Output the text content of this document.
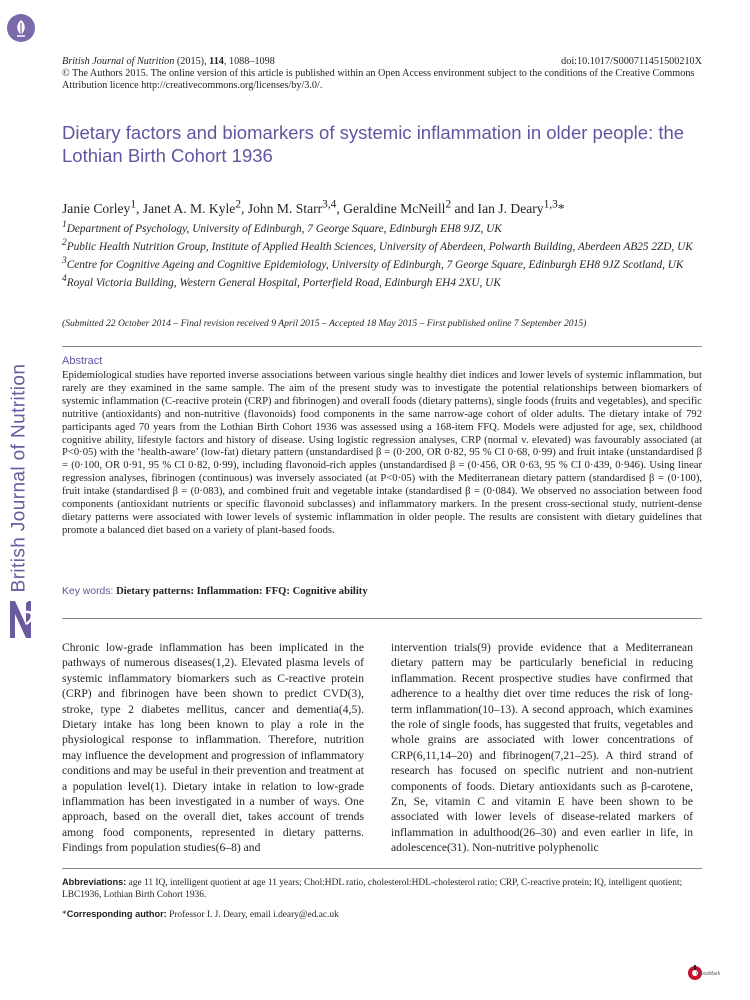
British Journal of Nutrition
British Journal of Nutrition (2015), 114, 1088–1098	doi:10.1017/S000711451500210X
© The Authors 2015. The online version of this article is published within an Open Access environment subject to the conditions of the Creative Commons Attribution licence http://creativecommons.org/licenses/by/3.0/.
Dietary factors and biomarkers of systemic inflammation in older people: the Lothian Birth Cohort 1936
Janie Corley$^1$, Janet A. M. Kyle$^2$, John M. Starr$^{3,4}$, Geraldine McNeill$^2$ and Ian J. Deary$^{1,3}$*
$^1$Department of Psychology, University of Edinburgh, 7 George Square, Edinburgh EH8 9JZ, UK
$^2$Public Health Nutrition Group, Institute of Applied Health Sciences, University of Aberdeen, Polwarth Building, Aberdeen AB25 2ZD, UK
$^3$Centre for Cognitive Ageing and Cognitive Epidemiology, University of Edinburgh, 7 George Square, Edinburgh EH8 9JZ Scotland, UK
$^4$Royal Victoria Building, Western General Hospital, Porterfield Road, Edinburgh EH4 2XU, UK
(Submitted 22 October 2014 – Final revision received 9 April 2015 – Accepted 18 May 2015 – First published online 7 September 2015)
Abstract
Epidemiological studies have reported inverse associations between various single healthy diet indices and lower levels of systemic inflammation, but rarely are they examined in the same sample. The aim of the present study was to investigate the potential relationships between biomarkers of systemic inflammation (C-reactive protein (CRP) and fibrinogen) and overall foods (dietary patterns), single foods (fruits and vegetables), and specific nutritive (antioxidants) and non-nutritive (flavonoids) food components in the same narrow-age cohort of older adults. The dietary intake of 792 participants aged 70 years from the Lothian Birth Cohort 1936 was assessed using a 168-item FFQ. Models were adjusted for age, sex, childhood cognitive ability, lifestyle factors and history of disease. Using logistic regression analyses, CRP (normal v. elevated) was favourably associated (at P<0·05) with the ‘health-aware’ (low-fat) dietary pattern (unstandardised β = (0·200, OR 0·82, 95 % CI 0·68, 0·99) and fruit intake (unstandardised β = (0·100, OR 0·91, 95 % CI 0·82, 0·99), including flavonoid-rich apples (unstandardised β = (0·456, OR 0·63, 95 % CI 0·439, 0·946). Using linear regression analyses, fibrinogen (continuous) was inversely associated (at P<0·05) with the Mediterranean dietary pattern (standardised β = (0·100), fruit intake (standardised β = (0·083), and combined fruit and vegetable intake (standardised β = (0·084). We observed no association between food components (antioxidant nutrients or specific flavonoid subclasses) and inflammatory markers. In the present cross-sectional study, nutrient-dense dietary patterns were associated with lower levels of systemic inflammation in older people. The results are consistent with dietary guidelines that promote a balanced diet based on a variety of plant-based foods.
Key words: Dietary patterns: Inflammation: FFQ: Cognitive ability
Chronic low-grade inflammation has been implicated in the pathways of numerous diseases(1,2). Elevated plasma levels of systemic inflammatory biomarkers such as C-reactive protein (CRP) and fibrinogen have been shown to predict CVD(3), stroke, type 2 diabetes mellitus, cancer and dementia(4,5). Dietary intake has long been known to play a role in the physiological response to inflammation. Therefore, nutrition may influence the development and progression of inflammatory conditions and may be useful in their prevention and treatment at a population level(1). Dietary intake in relation to low-grade inflammation has been investigated in a number of ways. One approach, based on the overall diet, takes account of trends among food components, represented in dietary patterns. Findings from population studies(6–8) and
intervention trials(9) provide evidence that a Mediterranean dietary pattern may be particularly beneficial in reducing inflammation. Recent prospective studies have confirmed that adherence to a healthy diet over time reduces the risk of long-term inflammation(10–13). A second approach, which examines the role of single foods, has suggested that fruits, vegetables and whole grains are associated with lower concentrations of CRP(6,11,14–20) and fibrinogen(7,21–25). A third strand of research has focused on specific nutrient and non-nutrient components of foods. Dietary antioxidants such as β-carotene, Zn, Se, vitamin C and vitamin E have been shown to be associated with lower levels of disease-related markers of inflammation in adulthood(26–30) and even earlier in life, in adolescence(31). Non-nutritive polyphenolic
Abbreviations: age 11 IQ, intelligent quotient at age 11 years; Chol:HDL ratio, cholesterol:HDL-cholesterol ratio; CRP, C-reactive protein; IQ, intelligent quotient; LBC1936, Lothian Birth Cohort 1936.
*Corresponding author: Professor I. J. Deary, email i.deary@ed.ac.uk
CrossMark
